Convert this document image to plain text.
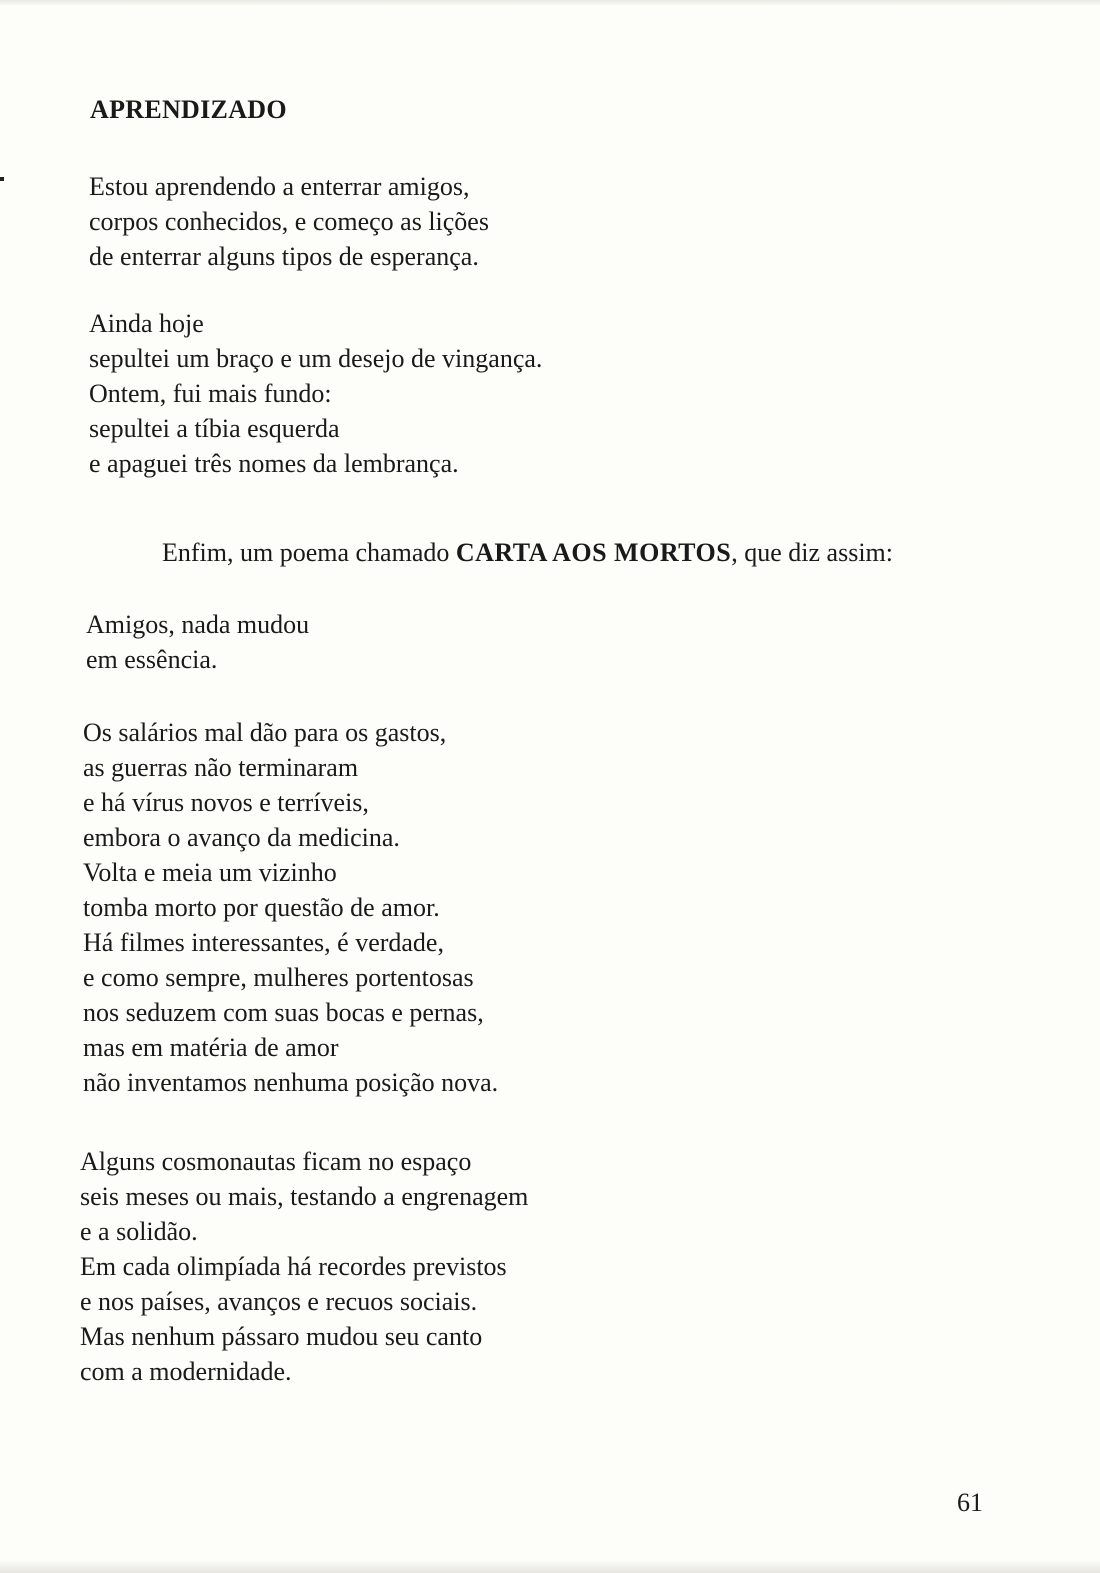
APRENDIZADO

Estou aprendendo a enterrar amigos,
corpos conhecidos, e começo as lições
de enterrar alguns tipos de esperança.

Ainda hoje
sepultei um braço e um desejo de vingança.
Ontem, fui mais fundo:
sepultei a tíbia esquerda
e apaguei três nomes da lembrança.

Enfim, um poema chamado CARTA AOS MORTOS, que diz assim:

Amigos, nada mudou
em essência.

Os salários mal dão para os gastos,
as guerras não terminaram
e há vírus novos e terríveis,
embora o avanço da medicina.
Volta e meia um vizinho
tomba morto por questão de amor.
Há filmes interessantes, é verdade,
e como sempre, mulheres portentosas
nos seduzem com suas bocas e pernas,
mas em matéria de amor
não inventamos nenhuma posição nova.

Alguns cosmonautas ficam no espaço
seis meses ou mais, testando a engrenagem
e a solidão.
Em cada olimpíada há recordes previstos
e nos países, avanços e recuos sociais.
Mas nenhum pássaro mudou seu canto
com a modernidade.

61
